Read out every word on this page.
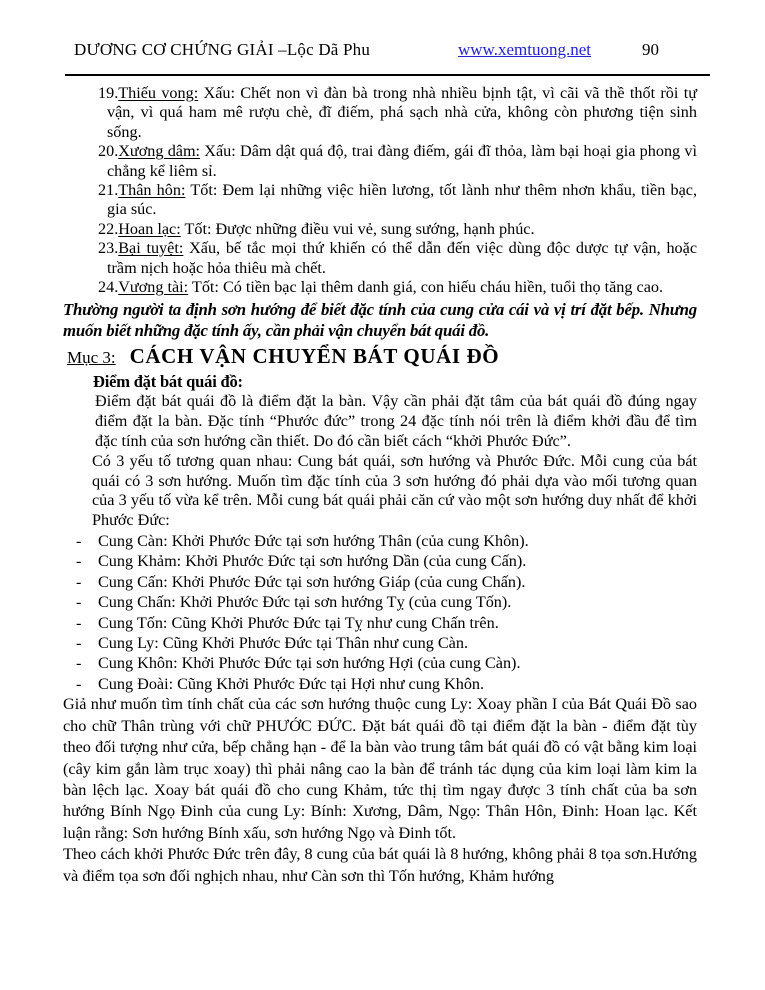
DƯƠNG CƠ CHỨNG GIẢI –Lộc Dã Phu	www.xemtuong.net	90
19.Thiếu vong: Xấu: Chết non vì đàn bà trong nhà nhiều bịnh tật, vì cãi vã thề thốt rồi tự vận, vì quá ham mê rượu chè, đĩ điếm, phá sạch nhà cửa, không còn phương tiện sinh sống.
20.Xương dâm: Xấu: Dâm dật quá độ, trai đàng điếm, gái đĩ thỏa, làm bại hoại gia phong vì chẳng kể liêm sỉ.
21.Thân hôn: Tốt: Đem lại những việc hiền lương, tốt lành như thêm nhơn khẩu, tiền bạc, gia súc.
22.Hoan lạc: Tốt: Được những điều vui vẻ, sung sướng, hạnh phúc.
23.Bại tuyệt: Xấu, bế tắc mọi thứ khiến có thể dẫn đến việc dùng độc dược tự vận, hoặc trầm nịch hoặc hỏa thiêu mà chết.
24.Vương tài: Tốt: Có tiền bạc lại thêm danh giá, con hiếu cháu hiền, tuổi thọ tăng cao.
Thường người ta định sơn hướng để biết đặc tính của cung cửa cái và vị trí đặt bếp. Nhưng muốn biết những đặc tính ấy, cần phải vận chuyển bát quái đồ.
Mục 3: CÁCH VẬN CHUYỂN BÁT QUÁI ĐỒ
Điểm đặt bát quái đồ:
Điểm đặt bát quái đồ là điểm đặt la bàn. Vậy cần phải đặt tâm của bát quái đồ đúng ngay điểm đặt la bàn. Đặc tính “Phước đức” trong 24 đặc tính nói trên là điểm khởi đầu để tìm đặc tính của sơn hướng cần thiết. Do đó cần biết cách “khởi Phước Đức”.
Có 3 yếu tố tương quan nhau: Cung bát quái, sơn hướng và Phước Đức. Mỗi cung của bát quái có 3 sơn hướng. Muốn tìm đặc tính của 3 sơn hướng đó phải dựa vào mối tương quan của 3 yếu tố vừa kể trên. Mỗi cung bát quái phải căn cứ vào một sơn hướng duy nhất để khởi Phước Đức:
- Cung Càn: Khởi Phước Đức tại sơn hướng Thân (của cung Khôn).
- Cung Khảm: Khởi Phước Đức tại sơn hướng Dần (của cung Cấn).
- Cung Cấn: Khởi Phước Đức tại sơn hướng Giáp (của cung Chấn).
- Cung Chấn: Khởi Phước Đức tại sơn hướng Tỵ (của cung Tốn).
- Cung Tốn: Cũng Khởi Phước Đức tại Tỵ như cung Chấn trên.
- Cung Ly: Cũng Khởi Phước Đức tại Thân như cung Càn.
- Cung Khôn: Khởi Phước Đức tại sơn hướng Hợi (của cung Càn).
- Cung Đoài: Cũng Khởi Phước Đức tại Hợi như cung Khôn.
Giả như muốn tìm tính chất của các sơn hướng thuộc cung Ly: Xoay phần I của Bát Quái Đồ sao cho chữ Thân trùng với chữ PHƯỚC ĐỨC. Đặt bát quái đồ tại điểm đặt la bàn - điểm đặt tùy theo đối tượng như cửa, bếp chẳng hạn - để la bàn vào trung tâm bát quái đồ có vật bằng kim loại (cây kim gắn làm trục xoay) thì phải nâng cao la bàn để tránh tác dụng của kim loại làm kim la bàn lệch lạc. Xoay bát quái đồ cho cung Khảm, tức thị tìm ngay được 3 tính chất của ba sơn hướng Bính Ngọ Đinh của cung Ly: Bính: Xương, Dâm, Ngọ: Thân Hôn, Đinh: Hoan lạc. Kết luận rằng: Sơn hướng Bính xấu, sơn hướng Ngọ và Đinh tốt.
Theo cách khởi Phước Đức trên đây, 8 cung của bát quái là 8 hướng, không phải 8 tọa sơn.Hướng và điểm tọa sơn đối nghịch nhau, như Càn sơn thì Tốn hướng, Khảm hướng
